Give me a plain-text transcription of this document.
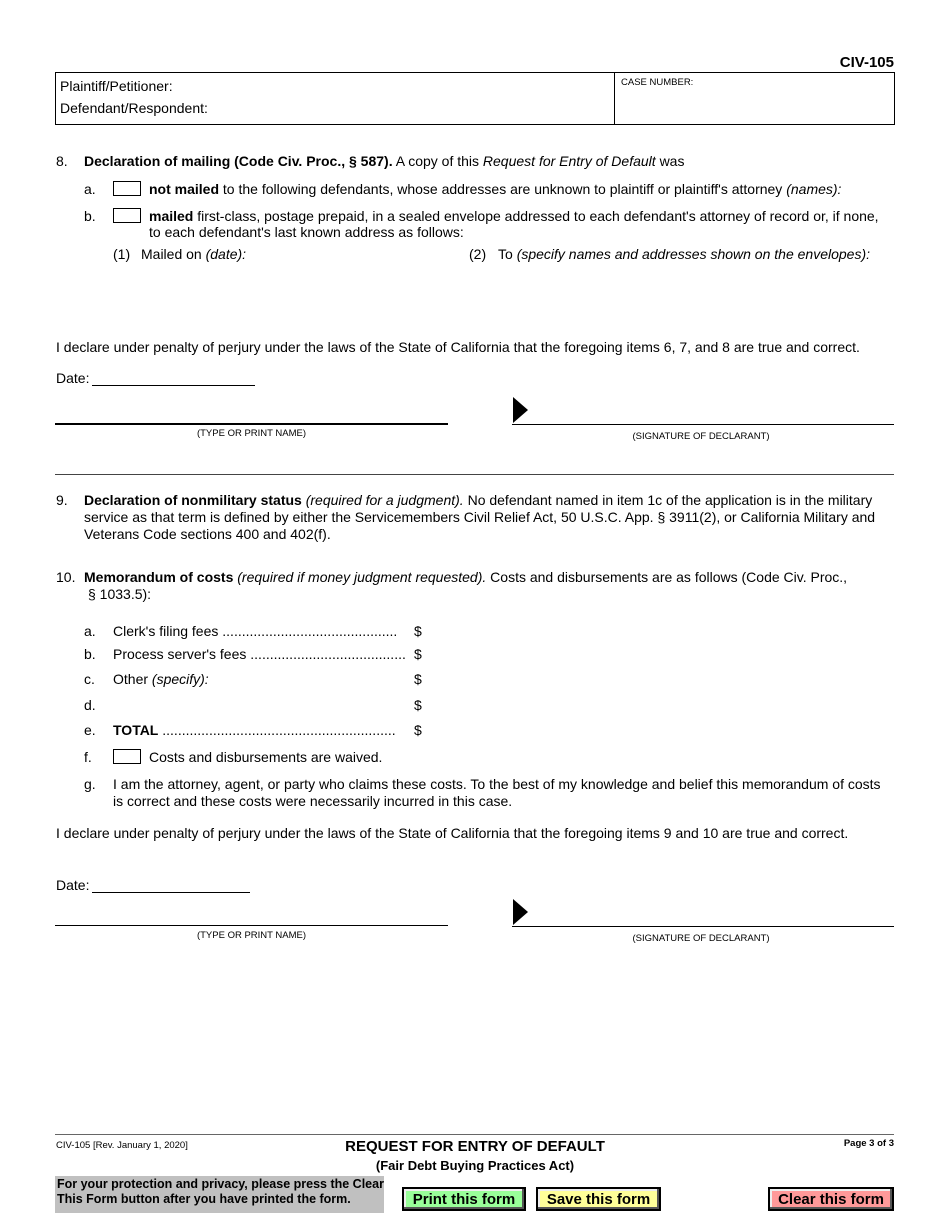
CIV-105
Plaintiff/Petitioner:
Defendant/Respondent:
CASE NUMBER:
8. Declaration of mailing (Code Civ. Proc., § 587). A copy of this Request for Entry of Default was
a.	not mailed to the following defendants, whose addresses are unknown to plaintiff or plaintiff's attorney (names):
b.	mailed first-class, postage prepaid, in a sealed envelope addressed to each defendant's attorney of record or, if none,
to each defendant's last known address as follows:
(1) Mailed on (date):	(2) To (specify names and addresses shown on the envelopes):
I declare under penalty of perjury under the laws of the State of California that the foregoing items 6, 7, and 8 are true and correct.
Date:
(TYPE OR PRINT NAME)	(SIGNATURE OF DECLARANT)
9. Declaration of nonmilitary status (required for a judgment). No defendant named in item 1c of the application is in the military
service as that term is defined by either the Servicemembers Civil Relief Act, 50 U.S.C. App. § 3911(2), or California Military and
Veterans Code sections 400 and 402(f).
10. Memorandum of costs (required if money judgment requested). Costs and disbursements are as follows (Code Civ. Proc.,
§ 1033.5):
a. Clerk's filing fees .............................................	$
b. Process server's fees ........................................ $
c. Other (specify):	$
d.	$
e. TOTAL ............................................................	$
f.	Costs and disbursements are waived.
g. I am the attorney, agent, or party who claims these costs. To the best of my knowledge and belief this memorandum of costs
is correct and these costs were necessarily incurred in this case.
I declare under penalty of perjury under the laws of the State of California that the foregoing items 9 and 10 are true and correct.
Date:
(TYPE OR PRINT NAME)	(SIGNATURE OF DECLARANT)
CIV-105 [Rev. January 1, 2020]	REQUEST FOR ENTRY OF DEFAULT
(Fair Debt Buying Practices Act)
Page 3 of 3
For your protection and privacy, please press the Clear
This Form button after you have printed the form.	Print this form	Save this form	Clear this form
